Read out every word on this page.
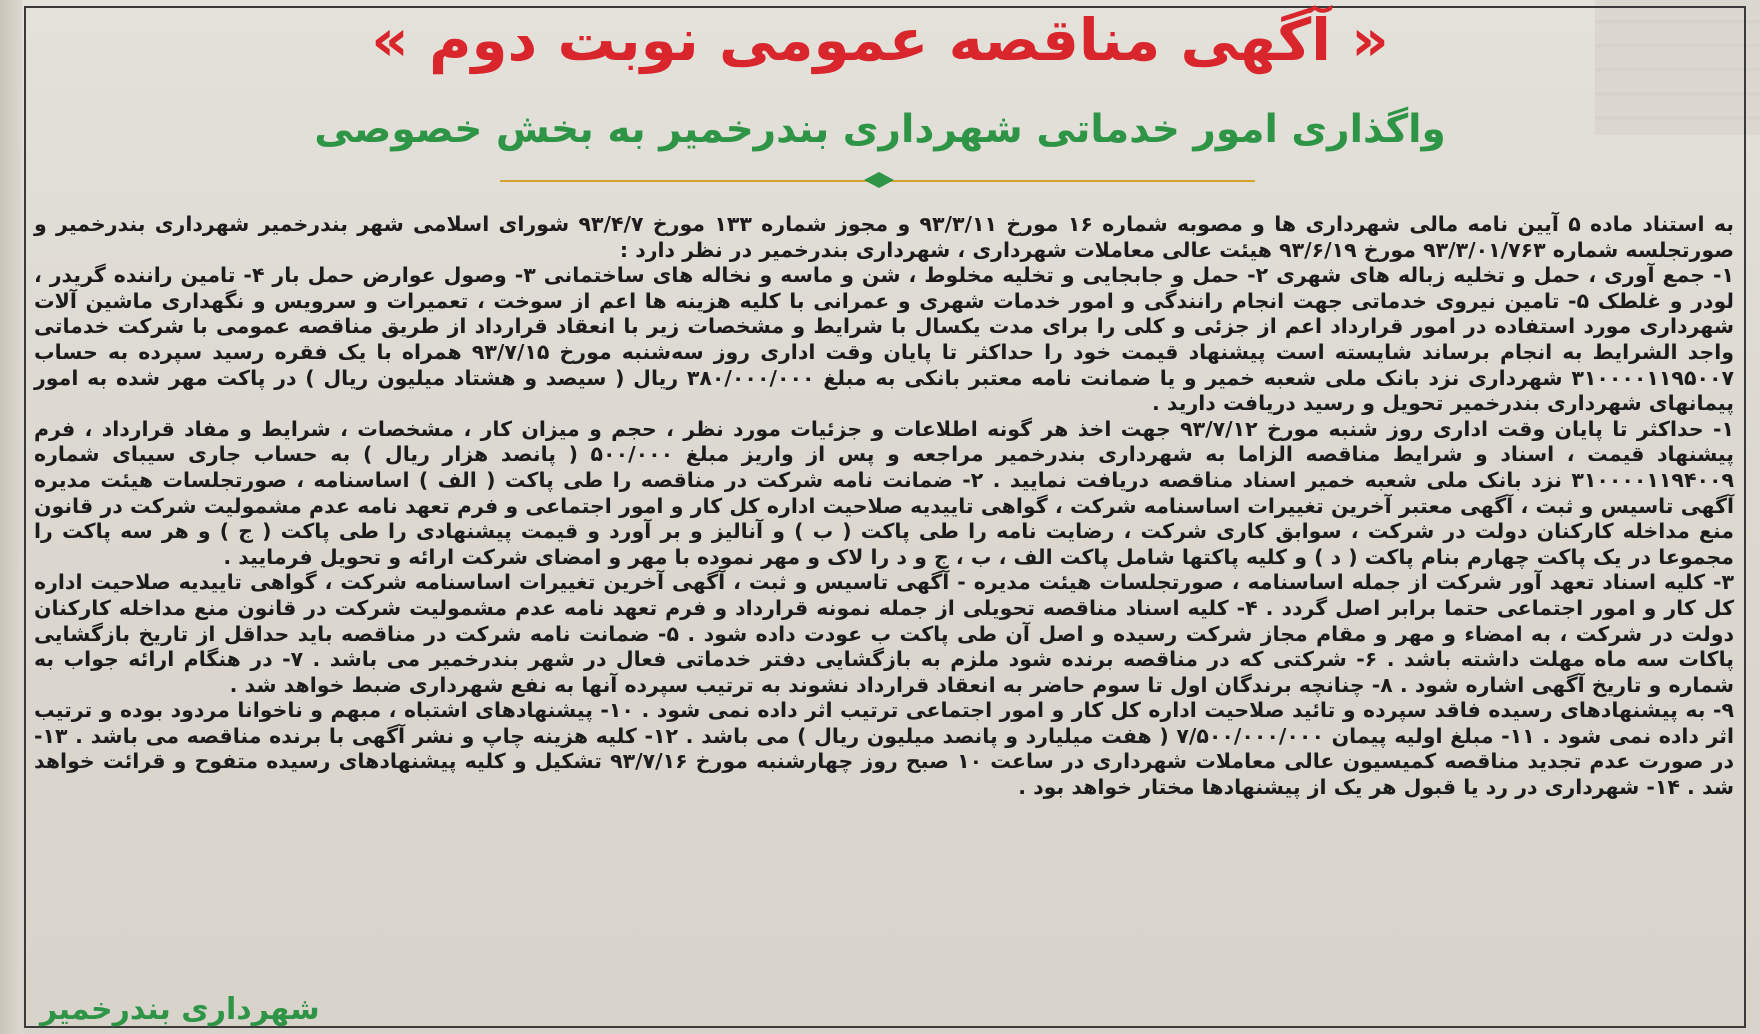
« آگهی مناقصه عمومی نوبت دوم »
واگذاری امور خدماتی شهرداری بندرخمیر به بخش خصوصی

به استناد ماده ۵ آیین نامه مالی شهرداری ها و مصوبه شماره ۱۶ مورخ ۹۳/۳/۱۱ و مجوز شماره ۱۳۳ مورخ ۹۳/۴/۷ شورای اسلامی شهر بندرخمیر شهرداری بندرخمیر و صورتجلسه شماره ۹۳/۳/۰۱/۷۶۳ مورخ ۹۳/۶/۱۹ هیئت عالی معاملات شهرداری ، شهرداری بندرخمیر در نظر دارد :

۱- جمع آوری ، حمل و تخلیه زباله های شهری ۲- حمل و جابجایی و تخلیه مخلوط ، شن و ماسه و نخاله های ساختمانی ۳- وصول عوارض حمل بار ۴- تامین راننده گریدر ، لودر و غلطک ۵- تامین نیروی خدماتی جهت انجام رانندگی و امور خدمات شهری و عمرانی با کلیه هزینه ها اعم از سوخت ، تعمیرات و سرویس و نگهداری ماشین آلات شهرداری مورد استفاده در امور قرارداد اعم از جزئی و کلی را برای مدت یکسال با شرایط و مشخصات زیر با انعقاد قرارداد از طریق مناقصه عمومی با شرکت خدماتی واجد الشرایط به انجام برساند شایسته است پیشنهاد قیمت خود را حداکثر تا پایان وقت اداری روز سه‌شنبه مورخ ۹۳/۷/۱۵ همراه با یک فقره رسید سپرده به حساب ۳۱۰۰۰۰۱۱۹۵۰۰۷ شهرداری نزد بانک ملی شعبه خمیر و یا ضمانت نامه معتبر بانکی به مبلغ ۳۸۰/۰۰۰/۰۰۰ ریال ( سیصد و هشتاد میلیون ریال ) در پاکت مهر شده به امور پیمانهای شهرداری بندرخمیر تحویل و رسید دریافت دارید .

۱- حداکثر تا پایان وقت اداری روز شنبه مورخ ۹۳/۷/۱۲ جهت اخذ هر گونه اطلاعات و جزئیات مورد نظر ، حجم و میزان کار ، مشخصات ، شرایط و مفاد قرارداد ، فرم پیشنهاد قیمت ، اسناد و شرایط مناقصه الزاما به شهرداری بندرخمیر مراجعه و پس از واریز مبلغ ۵۰۰/۰۰۰ ( پانصد هزار ریال ) به حساب جاری سیبای شماره ۳۱۰۰۰۰۱۱۹۴۰۰۹ نزد بانک ملی شعبه خمیر اسناد مناقصه دریافت نمایید . ۲- ضمانت نامه شرکت در مناقصه را طی پاکت ( الف ) اساسنامه ، صورتجلسات هیئت مدیره آگهی تاسیس و ثبت ، آگهی معتبر آخرین تغییرات اساسنامه شرکت ، گواهی تاییدیه صلاحیت اداره کل کار و امور اجتماعی و فرم تعهد نامه عدم مشمولیت شرکت در قانون منع مداخله کارکنان دولت در شرکت ، سوابق کاری شرکت ، رضایت نامه را طی پاکت ( ب ) و آنالیز و بر آورد و قیمت پیشنهادی را طی پاکت ( ج ) و هر سه پاکت را مجموعا در یک پاکت چهارم بنام پاکت ( د ) و کلیه پاکتها شامل پاکت الف ، ب ، ج و د را لاک و مهر نموده با مهر و امضای شرکت ارائه و تحویل فرمایید .

۳- کلیه اسناد تعهد آور شرکت از جمله اساسنامه ، صورتجلسات هیئت مدیره - آگهی تاسیس و ثبت ، آگهی آخرین تغییرات اساسنامه شرکت ، گواهی تاییدیه صلاحیت اداره کل کار و امور اجتماعی حتما برابر اصل گردد . ۴- کلیه اسناد مناقصه تحویلی از جمله نمونه قرارداد و فرم تعهد نامه عدم مشمولیت شرکت در قانون منع مداخله کارکنان دولت در شرکت ، به امضاء و مهر و مقام مجاز شرکت رسیده و اصل آن طی پاکت ب عودت داده شود . ۵- ضمانت نامه شرکت در مناقصه باید حداقل از تاریخ بازگشایی پاکات سه ماه مهلت داشته باشد . ۶- شرکتی که در مناقصه برنده شود ملزم به بازگشایی دفتر خدماتی فعال در شهر بندرخمیر می باشد . ۷- در هنگام ارائه جواب به شماره و تاریخ آگهی اشاره شود . ۸- چنانچه برندگان اول تا سوم حاضر به انعقاد قرارداد نشوند به ترتیب سپرده آنها به نفع شهرداری ضبط خواهد شد .

۹- به پیشنهادهای رسیده فاقد سپرده و تائید صلاحیت اداره کل کار و امور اجتماعی ترتیب اثر داده نمی شود . ۱۰- پیشنهادهای اشتباه ، مبهم و ناخوانا مردود بوده و ترتیب اثر داده نمی شود . ۱۱- مبلغ اولیه پیمان ۷/۵۰۰/۰۰۰/۰۰۰ ( هفت میلیارد و پانصد میلیون ریال ) می باشد . ۱۲- کلیه هزینه چاپ و نشر آگهی با برنده مناقصه می باشد . ۱۳- در صورت عدم تجدید مناقصه کمیسیون عالی معاملات شهرداری در ساعت ۱۰ صبح روز چهارشنبه مورخ ۹۳/۷/۱۶ تشکیل و کلیه پیشنهادهای رسیده متفوح و قرائت خواهد شد . ۱۴- شهرداری در رد یا قبول هر یک از پیشنهادها مختار خواهد بود .

شهرداری بندرخمیر
